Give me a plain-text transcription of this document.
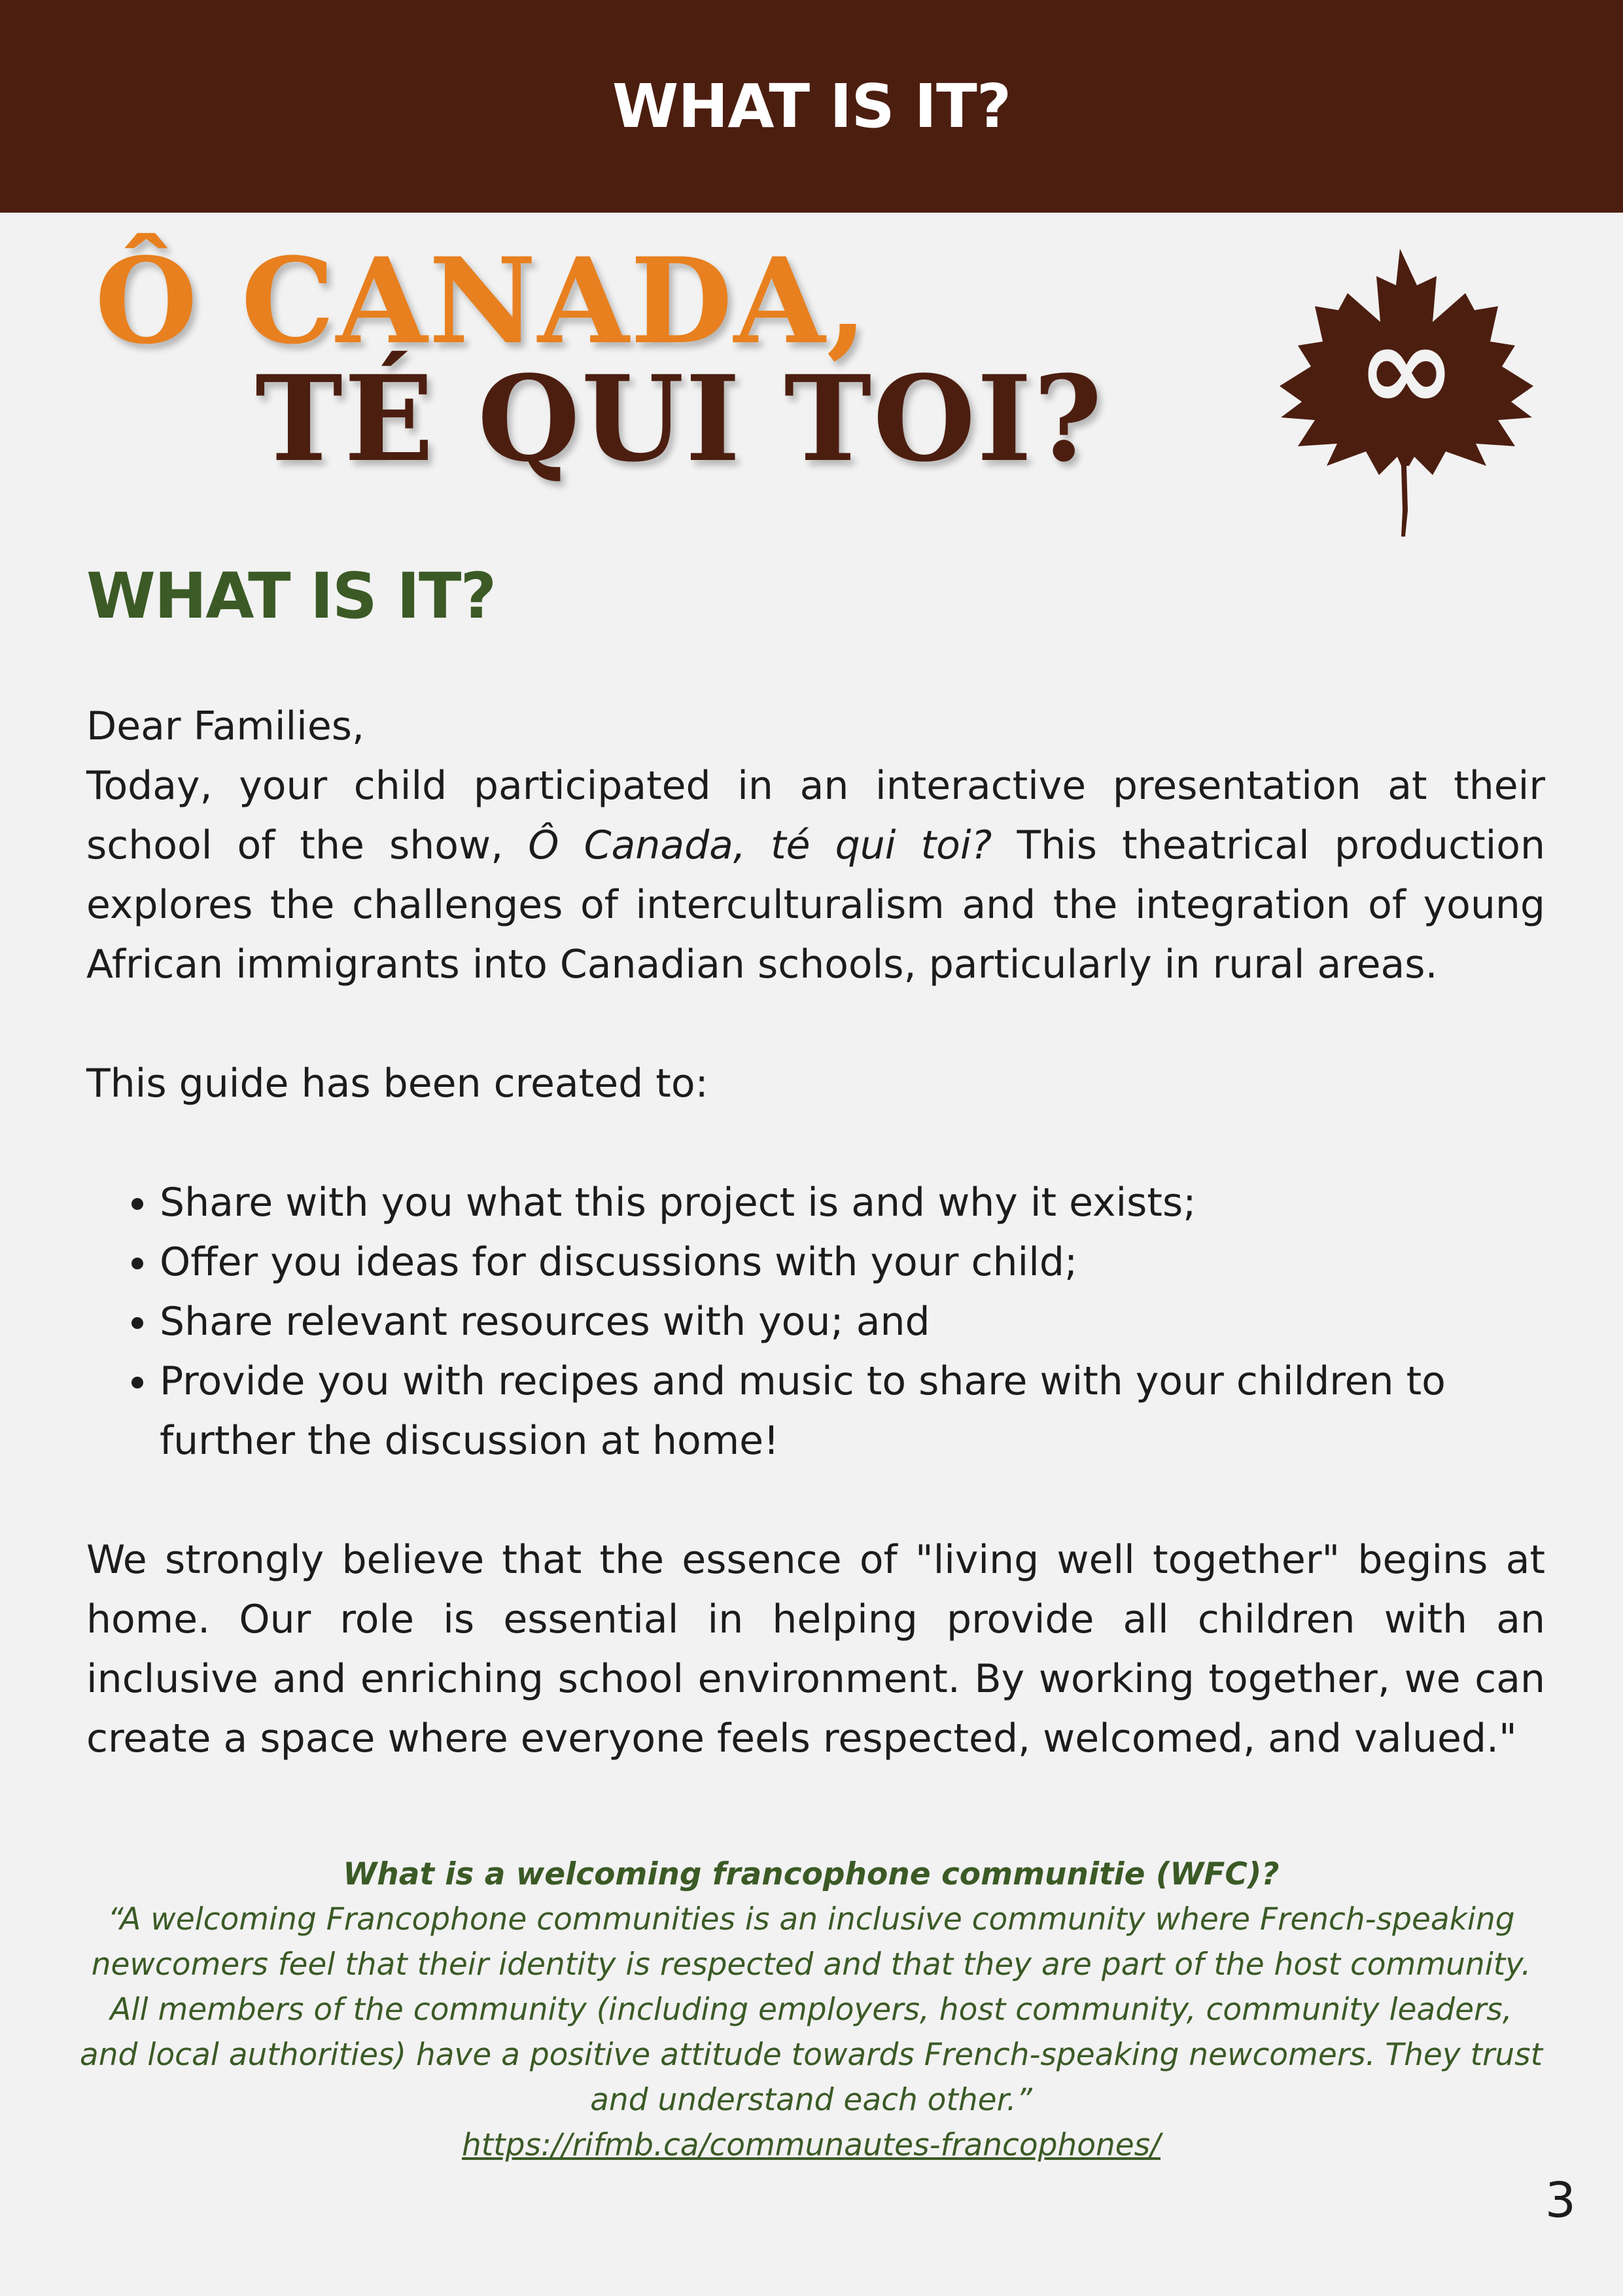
WHAT IS IT?
Ô CANADA,
TÉ QUI TOI? ∞
WHAT IS IT?

Dear Families,

Today, your child participated in an interactive presentation at their school of the show, Ô Canada, té qui toi? This theatrical production explores the challenges of interculturalism and the integration of young African immigrants into Canadian schools, particularly in rural areas.

This guide has been created to:

• Share with you what this project is and why it exists;
• Offer you ideas for discussions with your child;
• Share relevant resources with you; and
• Provide you with recipes and music to share with your children to further the discussion at home!

We strongly believe that the essence of "living well together" begins at home. Our role is essential in helping provide all children with an inclusive and enriching school environment. By working together, we can create a space where everyone feels respected, welcomed, and valued."

What is a welcoming francophone communitie (WFC)?

“A welcoming Francophone communities is an inclusive community where French-speaking newcomers feel that their identity is respected and that they are part of the host community.

All members of the community (including employers, host community, community leaders, and local authorities) have a positive attitude towards French-speaking newcomers. They trust and understand each other.”

https://rifmb.ca/communautes-francophones/
3
